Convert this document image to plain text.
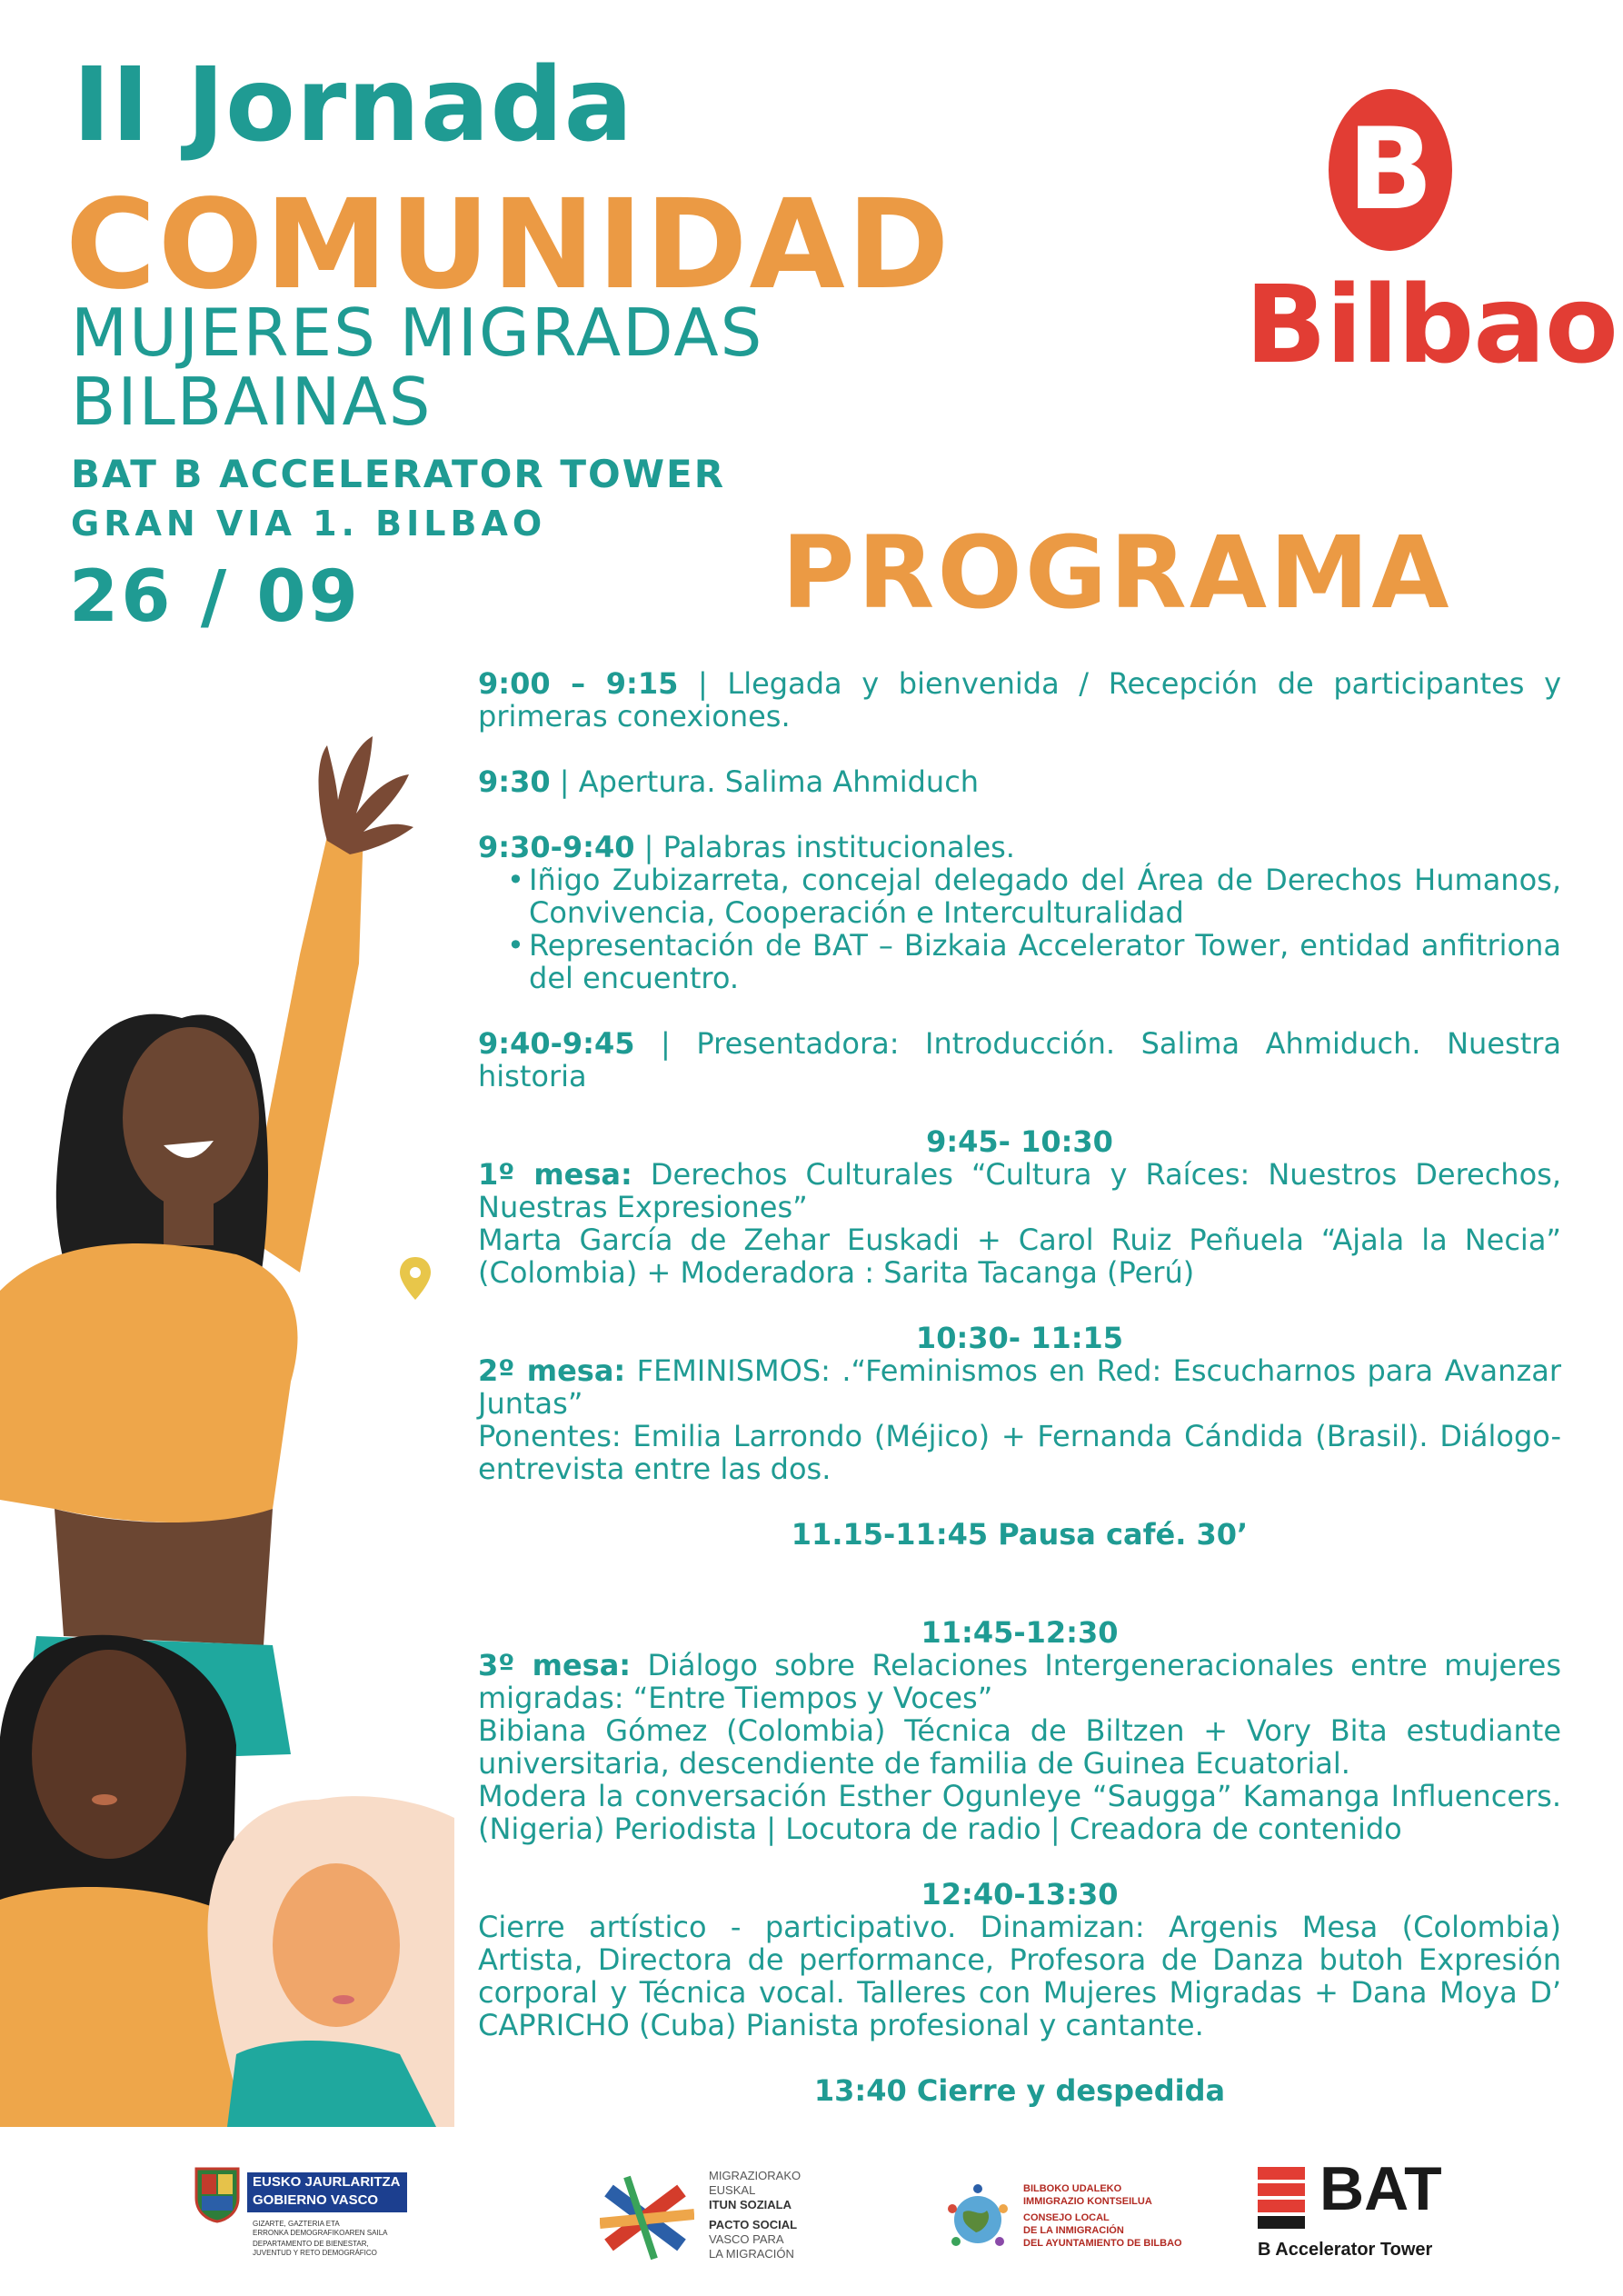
II Jornada
COMUNIDAD
MUJERES MIGRADAS BILBAINAS
BAT B ACCELERATOR TOWER
GRAN VIA 1. BILBAO
26 / 09	PROGRAMA
B
Bilbao

9:00 – 9:15 | Llegada y bienvenida / Recepción de participantes y primeras conexiones.

9:30 | Apertura. Salima Ahmiduch

9:30-9:40 | Palabras institucionales.

• Iñigo Zubizarreta, concejal delegado del Área de Derechos Humanos, Convivencia, Cooperación e Interculturalidad
• Representación de BAT – Bizkaia Accelerator Tower, entidad anfitriona del encuentro.

9:40-9:45 | Presentadora: Introducción. Salima Ahmiduch. Nuestra historia

9:45- 10:30

1º mesa: Derechos Culturales “Cultura y Raíces: Nuestros Derechos, Nuestras Expresiones”

Marta García de Zehar Euskadi + Carol Ruiz Peñuela “Ajala la Necia” (Colombia) + Moderadora : Sarita Tacanga (Perú)

10:30- 11:15

2º mesa: FEMINISMOS: .“Feminismos en Red: Escucharnos para Avanzar Juntas”

Ponentes: Emilia Larrondo (Méjico) + Fernanda Cándida (Brasil). Diálogo-entrevista entre las dos.

11.15-11:45 Pausa café. 30’
11:45-12:30

3º mesa: Diálogo sobre Relaciones Intergeneracionales entre mujeres migradas: “Entre Tiempos y Voces”

Bibiana Gómez (Colombia) Técnica de Biltzen + Vory Bita estudiante universitaria, descendiente de familia de Guinea Ecuatorial.

Modera la conversación Esther Ogunleye “Saugga” Kamanga Influencers. (Nigeria) Periodista | Locutora de radio | Creadora de contenido

12:40-13:30

Cierre artístico - participativo. Dinamizan: Argenis Mesa (Colombia) Artista, Directora de performance, Profesora de Danza butoh Expresión corporal y Técnica vocal. Talleres con Mujeres Migradas + Dana Moya D’ CAPRICHO (Cuba) Pianista profesional y cantante.

13:40 Cierre y despedida
EUSKO JAURLARITZA
GOBIERNO VASCO
GIZARTE, GAZTERIA ETA
ERRONKA DEMOGRAFIKOAREN SAILA
DEPARTAMENTO DE BIENESTAR,
JUVENTUD Y RETO DEMOGRÁFICO
MIGRAZIORAKO
EUSKAL
ITUN SOZIALA
PACTO SOCIAL
VASCO PARA
LA MIGRACIÓN
BILBOKO UDALEKO
IMMIGRAZIO KONTSEILUA
CONSEJO LOCAL
DE LA INMIGRACIÓN
DEL AYUNTAMIENTO DE BILBAO
BAT
B Accelerator Tower
